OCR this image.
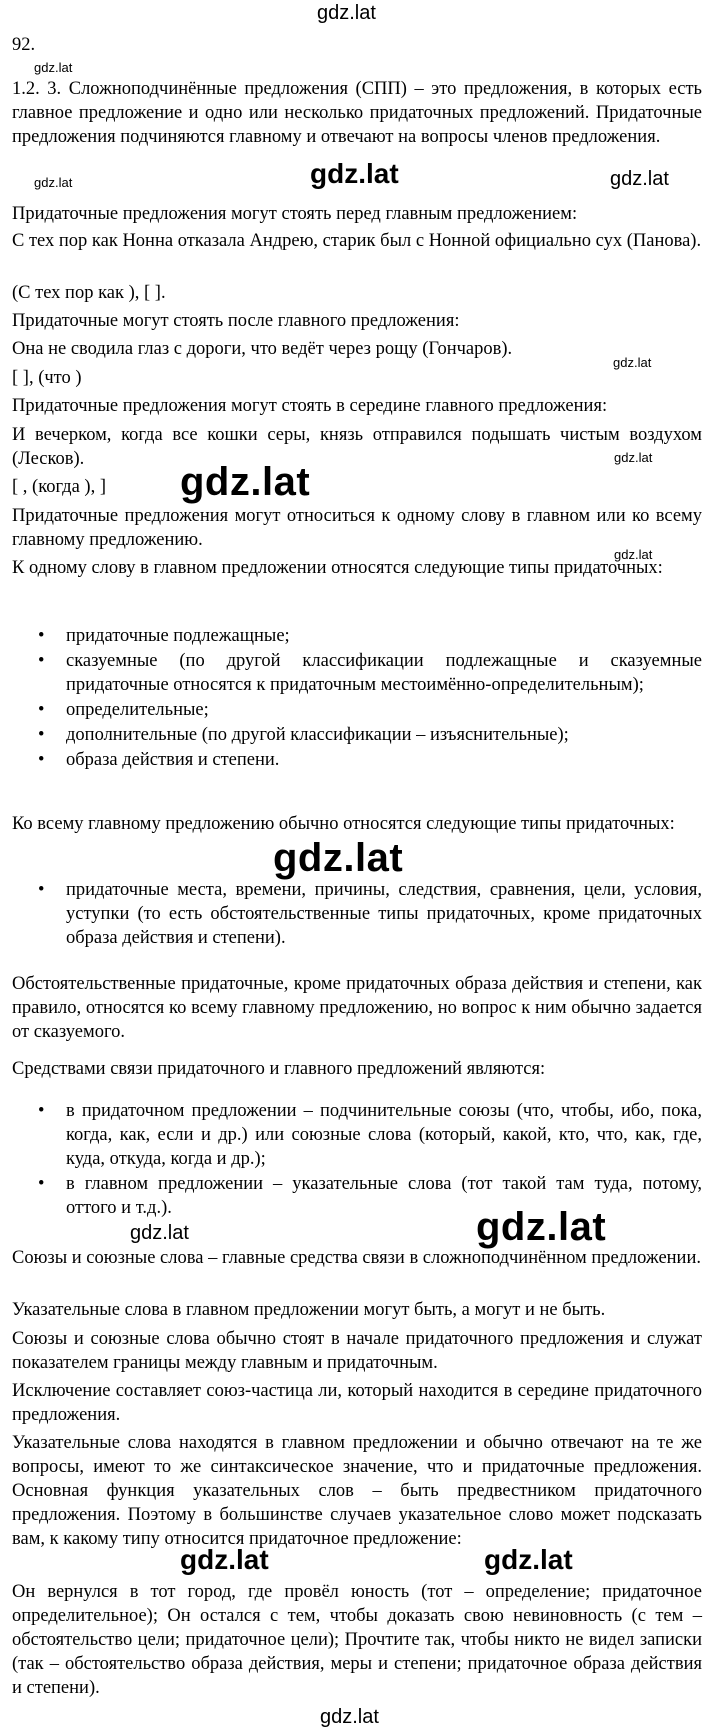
gdz.lat
92.
gdz.lat
1.2. 3. Сложноподчинённые предложения (СПП) – это предложения, в которых есть главное предложение и одно или несколько придаточных предложений. Придаточные предложения подчиняются главному и отвечают на вопросы членов предложения.
gdz.lat	gdz.lat	gdz.lat
Придаточные предложения могут стоять перед главным предложением:
С тех пор как Нонна отказала Андрею, старик был с Нонной официально сух (Панова).
(С тех пор как ), [ ].
Придаточные могут стоять после главного предложения:
Она не сводила глаз с дороги, что ведёт через рощу (Гончаров).
gdz.lat
[ ], (что )
Придаточные предложения могут стоять в середине главного предложения:
И вечерком, когда все кошки серы, князь отправился подышать чистым воздухом (Лесков).	gdz.lat
[ , (когда ), ]	gdz.lat
Придаточные предложения могут относиться к одному слову в главном или ко всему главному предложению.
gdz.lat
К одному слову в главном предложении относятся следующие типы придаточных:
• придаточные подлежащные;
• сказуемные (по другой классификации подлежащные и сказуемные придаточные относятся к придаточным местоимённо-определительным);
• определительные;
• дополнительные (по другой классификации – изъяснительные);
• образа действия и степени.
Ко всему главному предложению обычно относятся следующие типы придаточных:
gdz.lat
• придаточные места, времени, причины, следствия, сравнения, цели, условия, уступки (то есть обстоятельственные типы придаточных, кроме придаточных образа действия и степени).
Обстоятельственные придаточные, кроме придаточных образа действия и степени, как правило, относятся ко всему главному предложению, но вопрос к ним обычно задается от сказуемого.
Средствами связи придаточного и главного предложений являются:
• в придаточном предложении – подчинительные союзы (что, чтобы, ибо, пока, когда, как, если и др.) или союзные слова (который, какой, кто, что, как, где, куда, откуда, когда и др.);
• в главном предложении – указательные слова (тот такой там туда, потому, оттого и т.д.).
gdz.lat	gdz.lat
Союзы и союзные слова – главные средства связи в сложноподчинённом предложении.
Указательные слова в главном предложении могут быть, а могут и не быть.
Союзы и союзные слова обычно стоят в начале придаточного предложения и служат показателем границы между главным и придаточным.
Исключение составляет союз-частица ли, который находится в середине придаточного предложения.
Указательные слова находятся в главном предложении и обычно отвечают на те же вопросы, имеют то же синтаксическое значение, что и придаточные предложения. Основная функция указательных слов – быть предвестником придаточного предложения. Поэтому в большинстве случаев указательное слово может подсказать вам, к какому типу относится придаточное предложение:
gdz.lat	gdz.lat
Он вернулся в тот город, где провёл юность (тот – определение; придаточное определительное); Он остался с тем, чтобы доказать свою невиновность (с тем – обстоятельство цели; придаточное цели); Прочтите так, чтобы никто не видел записки (так – обстоятельство образа действия, меры и степени; придаточное образа действия и степени).
gdz.lat
